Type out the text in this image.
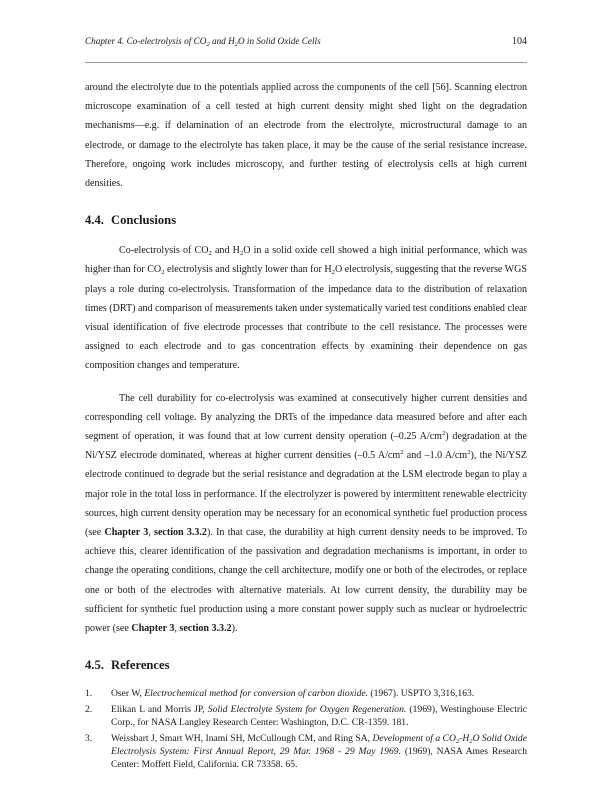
Chapter 4. Co-electrolysis of $CO_2$ and $H_2O$ in Solid Oxide Cells	104

around the electrolyte due to the potentials applied across the components of the cell [56]. Scanning electron microscope examination of a cell tested at high current density might shed light on the degradation mechanisms—e.g. if delamination of an electrode from the electrolyte, microstructural damage to an electrode, or damage to the electrolyte has taken place, it may be the cause of the serial resistance increase. Therefore, ongoing work includes microscopy, and further testing of electrolysis cells at high current densities.

4.4. Conclusions

Co-electrolysis of $CO_2$ and $H_2O$ in a solid oxide cell showed a high initial performance, which was higher than for $CO_2$ electrolysis and slightly lower than for $H_2O$ electrolysis, suggesting that the reverse WGS plays a role during co-electrolysis. Transformation of the impedance data to the distribution of relaxation times (DRT) and comparison of measurements taken under systematically varied test conditions enabled clear visual identification of five electrode processes that contribute to the cell resistance. The processes were assigned to each electrode and to gas concentration effects by examining their dependence on gas composition changes and temperature.

The cell durability for co-electrolysis was examined at consecutively higher current densities and corresponding cell voltage. By analyzing the DRTs of the impedance data measured before and after each segment of operation, it was found that at low current density operation (–0.25 $A/cm^2$) degradation at the Ni/YSZ electrode dominated, whereas at higher current densities (–0.5 $A/cm^2$ and –1.0 $A/cm^2$), the Ni/YSZ electrode continued to degrade but the serial resistance and degradation at the LSM electrode began to play a major role in the total loss in performance. If the electrolyzer is powered by intermittent renewable electricity sources, high current density operation may be necessary for an economical synthetic fuel production process (see Chapter 3, section 3.3.2). In that case, the durability at high current density needs to be improved. To achieve this, clearer identification of the passivation and degradation mechanisms is important, in order to change the operating conditions, change the cell architecture, modify one or both of the electrodes, or replace one or both of the electrodes with alternative materials. At low current density, the durability may be sufficient for synthetic fuel production using a more constant power supply such as nuclear or hydroelectric power (see Chapter 3, section 3.3.2).

4.5. References
1. Oser W, Electrochemical method for conversion of carbon dioxide. (1967). USPTO 3,316,163.
2. Elikan L and Morris JP, Solid Electrolyte System for Oxygen Regeneration. (1969), Westinghouse Electric Corp., for NASA Langley Research Center: Washington, D.C. CR-1359. 181.
3. Weissbart J, Smart WH, Inami SH, McCullough CM, and Ring SA, Development of a $CO_2-H_2O$ Solid Oxide Electrolysis System: First Annual Report, 29 Mar. 1968 - 29 May 1969. (1969), NASA Ames Research Center: Moffett Field, California. CR 73358. 65.
